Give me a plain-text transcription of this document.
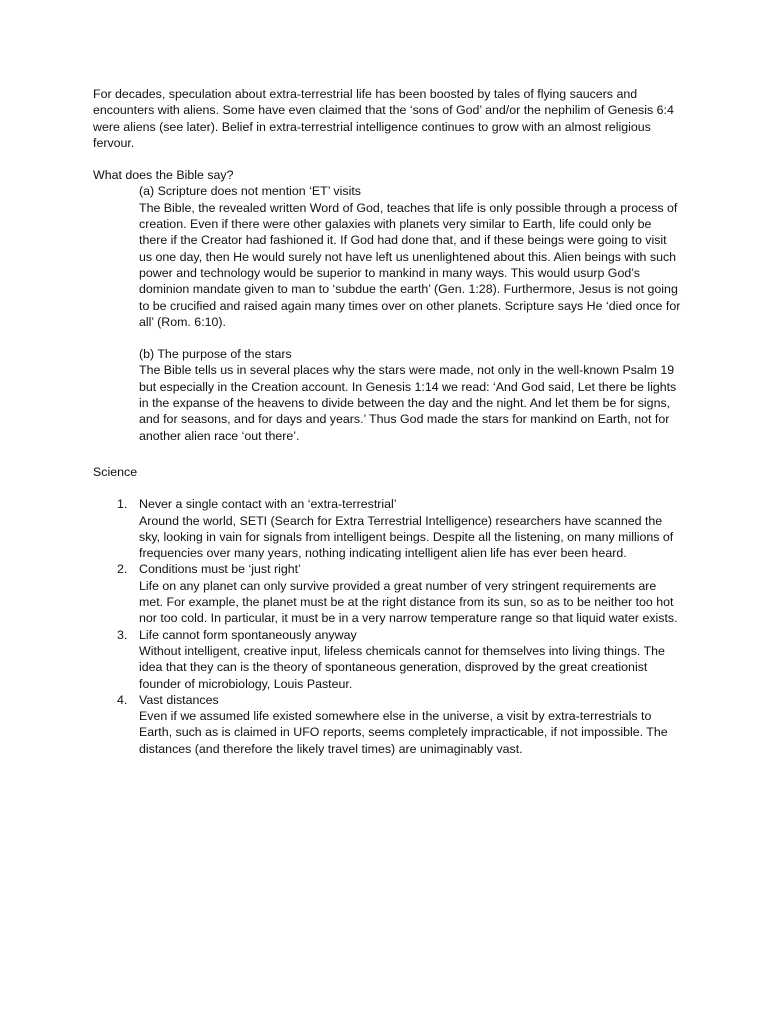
For decades, speculation about extra-terrestrial life has been boosted by tales of flying saucers and encounters with aliens. Some have even claimed that the ‘sons of God’ and/or the nephilim of Genesis 6:4 were aliens (see later). Belief in extra-terrestrial intelligence continues to grow with an almost religious fervour.

What does the Bible say?

(a) Scripture does not mention ‘ET’ visits

The Bible, the revealed written Word of God, teaches that life is only possible through a process of creation. Even if there were other galaxies with planets very similar to Earth, life could only be there if the Creator had fashioned it. If God had done that, and if these beings were going to visit us one day, then He would surely not have left us unenlightened about this. Alien beings with such power and technology would be superior to mankind in many ways. This would usurp God’s dominion mandate given to man to ‘subdue the earth’ (Gen. 1:28). Furthermore, Jesus is not going to be crucified and raised again many times over on other planets. Scripture says He ‘died once for all’ (Rom. 6:10).

(b) The purpose of the stars

The Bible tells us in several places why the stars were made, not only in the well-known Psalm 19 but especially in the Creation account. In Genesis 1:14 we read: ‘And God said, Let there be lights in the expanse of the heavens to divide between the day and the night. And let them be for signs, and for seasons, and for days and years.’ Thus God made the stars for mankind on Earth, not for another alien race ‘out there’.

Science

1. Never a single contact with an ‘extra-terrestrial’

Around the world, SETI (Search for Extra Terrestrial Intelligence) researchers have scanned the sky, looking in vain for signals from intelligent beings. Despite all the listening, on many millions of frequencies over many years, nothing indicating intelligent alien life has ever been heard.

2. Conditions must be ‘just right’

Life on any planet can only survive provided a great number of very stringent requirements are met. For example, the planet must be at the right distance from its sun, so as to be neither too hot nor too cold. In particular, it must be in a very narrow temperature range so that liquid water exists.

3. Life cannot form spontaneously anyway

Without intelligent, creative input, lifeless chemicals cannot for themselves into living things. The idea that they can is the theory of spontaneous generation, disproved by the great creationist founder of microbiology, Louis Pasteur.

4. Vast distances

Even if we assumed life existed somewhere else in the universe, a visit by extra-terrestrials to Earth, such as is claimed in UFO reports, seems completely impracticable, if not impossible. The distances (and therefore the likely travel times) are unimaginably vast.
